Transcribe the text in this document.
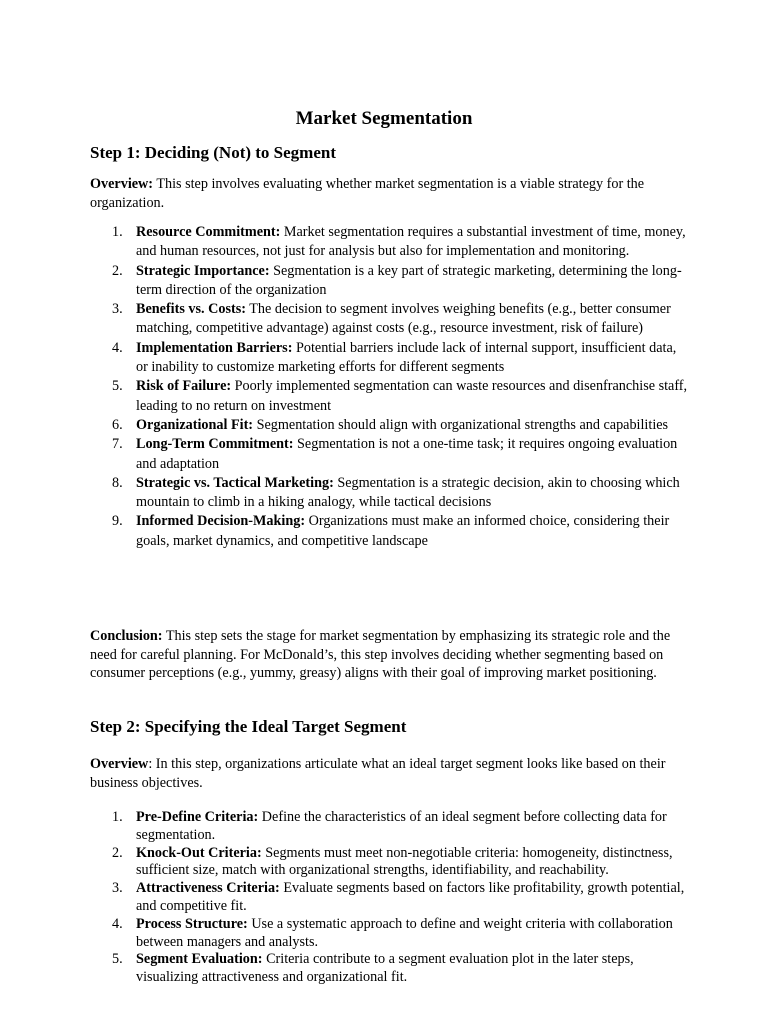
Market Segmentation
Step 1: Deciding (Not) to Segment

Overview: This step involves evaluating whether market segmentation is a viable strategy for the organization.

1. Resource Commitment: Market segmentation requires a substantial investment of time, money, and human resources, not just for analysis but also for implementation and monitoring.
2. Strategic Importance: Segmentation is a key part of strategic marketing, determining the long-term direction of the organization
3. Benefits vs. Costs: The decision to segment involves weighing benefits (e.g., better consumer matching, competitive advantage) against costs (e.g., resource investment, risk of failure)
4. Implementation Barriers: Potential barriers include lack of internal support, insufficient data, or inability to customize marketing efforts for different segments
5. Risk of Failure: Poorly implemented segmentation can waste resources and disenfranchise staff, leading to no return on investment
6. Organizational Fit: Segmentation should align with organizational strengths and capabilities
7. Long-Term Commitment: Segmentation is not a one-time task; it requires ongoing evaluation and adaptation
8. Strategic vs. Tactical Marketing: Segmentation is a strategic decision, akin to choosing which mountain to climb in a hiking analogy, while tactical decisions
9. Informed Decision-Making: Organizations must make an informed choice, considering their goals, market dynamics, and competitive landscape

Conclusion: This step sets the stage for market segmentation by emphasizing its strategic role and the need for careful planning. For McDonald’s, this step involves deciding whether segmenting based on consumer perceptions (e.g., yummy, greasy) aligns with their goal of improving market positioning.

Step 2: Specifying the Ideal Target Segment

Overview: In this step, organizations articulate what an ideal target segment looks like based on their business objectives.

1. Pre-Define Criteria: Define the characteristics of an ideal segment before collecting data for segmentation.
2. Knock-Out Criteria: Segments must meet non-negotiable criteria: homogeneity, distinctness, sufficient size, match with organizational strengths, identifiability, and reachability.
3. Attractiveness Criteria: Evaluate segments based on factors like profitability, growth potential, and competitive fit.
4. Process Structure: Use a systematic approach to define and weight criteria with collaboration between managers and analysts.
5. Segment Evaluation: Criteria contribute to a segment evaluation plot in the later steps, visualizing attractiveness and organizational fit.
